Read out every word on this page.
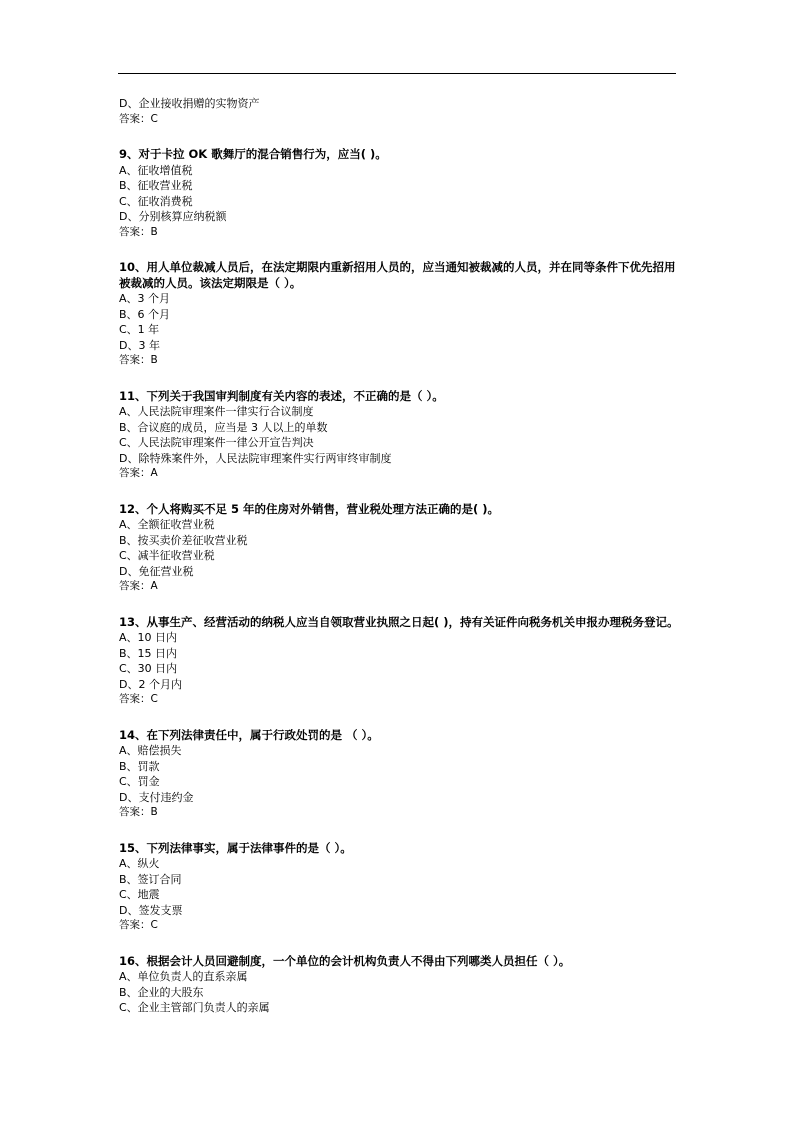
D、企业接收捐赠的实物资产
答案：C
9、对于卡拉 OK 歌舞厅的混合销售行为，应当( )。
A、征收增值税
B、征收营业税
C、征收消费税
D、分别核算应纳税额
答案：B
10、用人单位裁减人员后，在法定期限内重新招用人员的，应当通知被裁减的人员，并在同等条件下优先招用被裁减的人员。该法定期限是（ ）。
A、3 个月
B、6 个月
C、1 年
D、3 年
答案：B
11、下列关于我国审判制度有关内容的表述，不正确的是（ ）。
A、人民法院审理案件一律实行合议制度
B、合议庭的成员，应当是 3 人以上的单数
C、人民法院审理案件一律公开宣告判决
D、除特殊案件外，人民法院审理案件实行两审终审制度
答案：A
12、个人将购买不足 5 年的住房对外销售，营业税处理方法正确的是( )。
A、全额征收营业税
B、按买卖价差征收营业税
C、减半征收营业税
D、免征营业税
答案：A
13、从事生产、经营活动的纳税人应当自领取营业执照之日起( )，持有关证件向税务机关申报办理税务登记。
A、10 日内
B、15 日内
C、30 日内
D、2 个月内
答案：C
14、在下列法律责任中，属于行政处罚的是 （ ）。
A、赔偿损失
B、罚款
C、罚金
D、支付违约金
答案：B
15、下列法律事实，属于法律事件的是（ ）。
A、纵火
B、签订合同
C、地震
D、签发支票
答案：C
16、根据会计人员回避制度，一个单位的会计机构负责人不得由下列哪类人员担任（ ）。
A、单位负责人的直系亲属
B、企业的大股东
C、企业主管部门负责人的亲属
